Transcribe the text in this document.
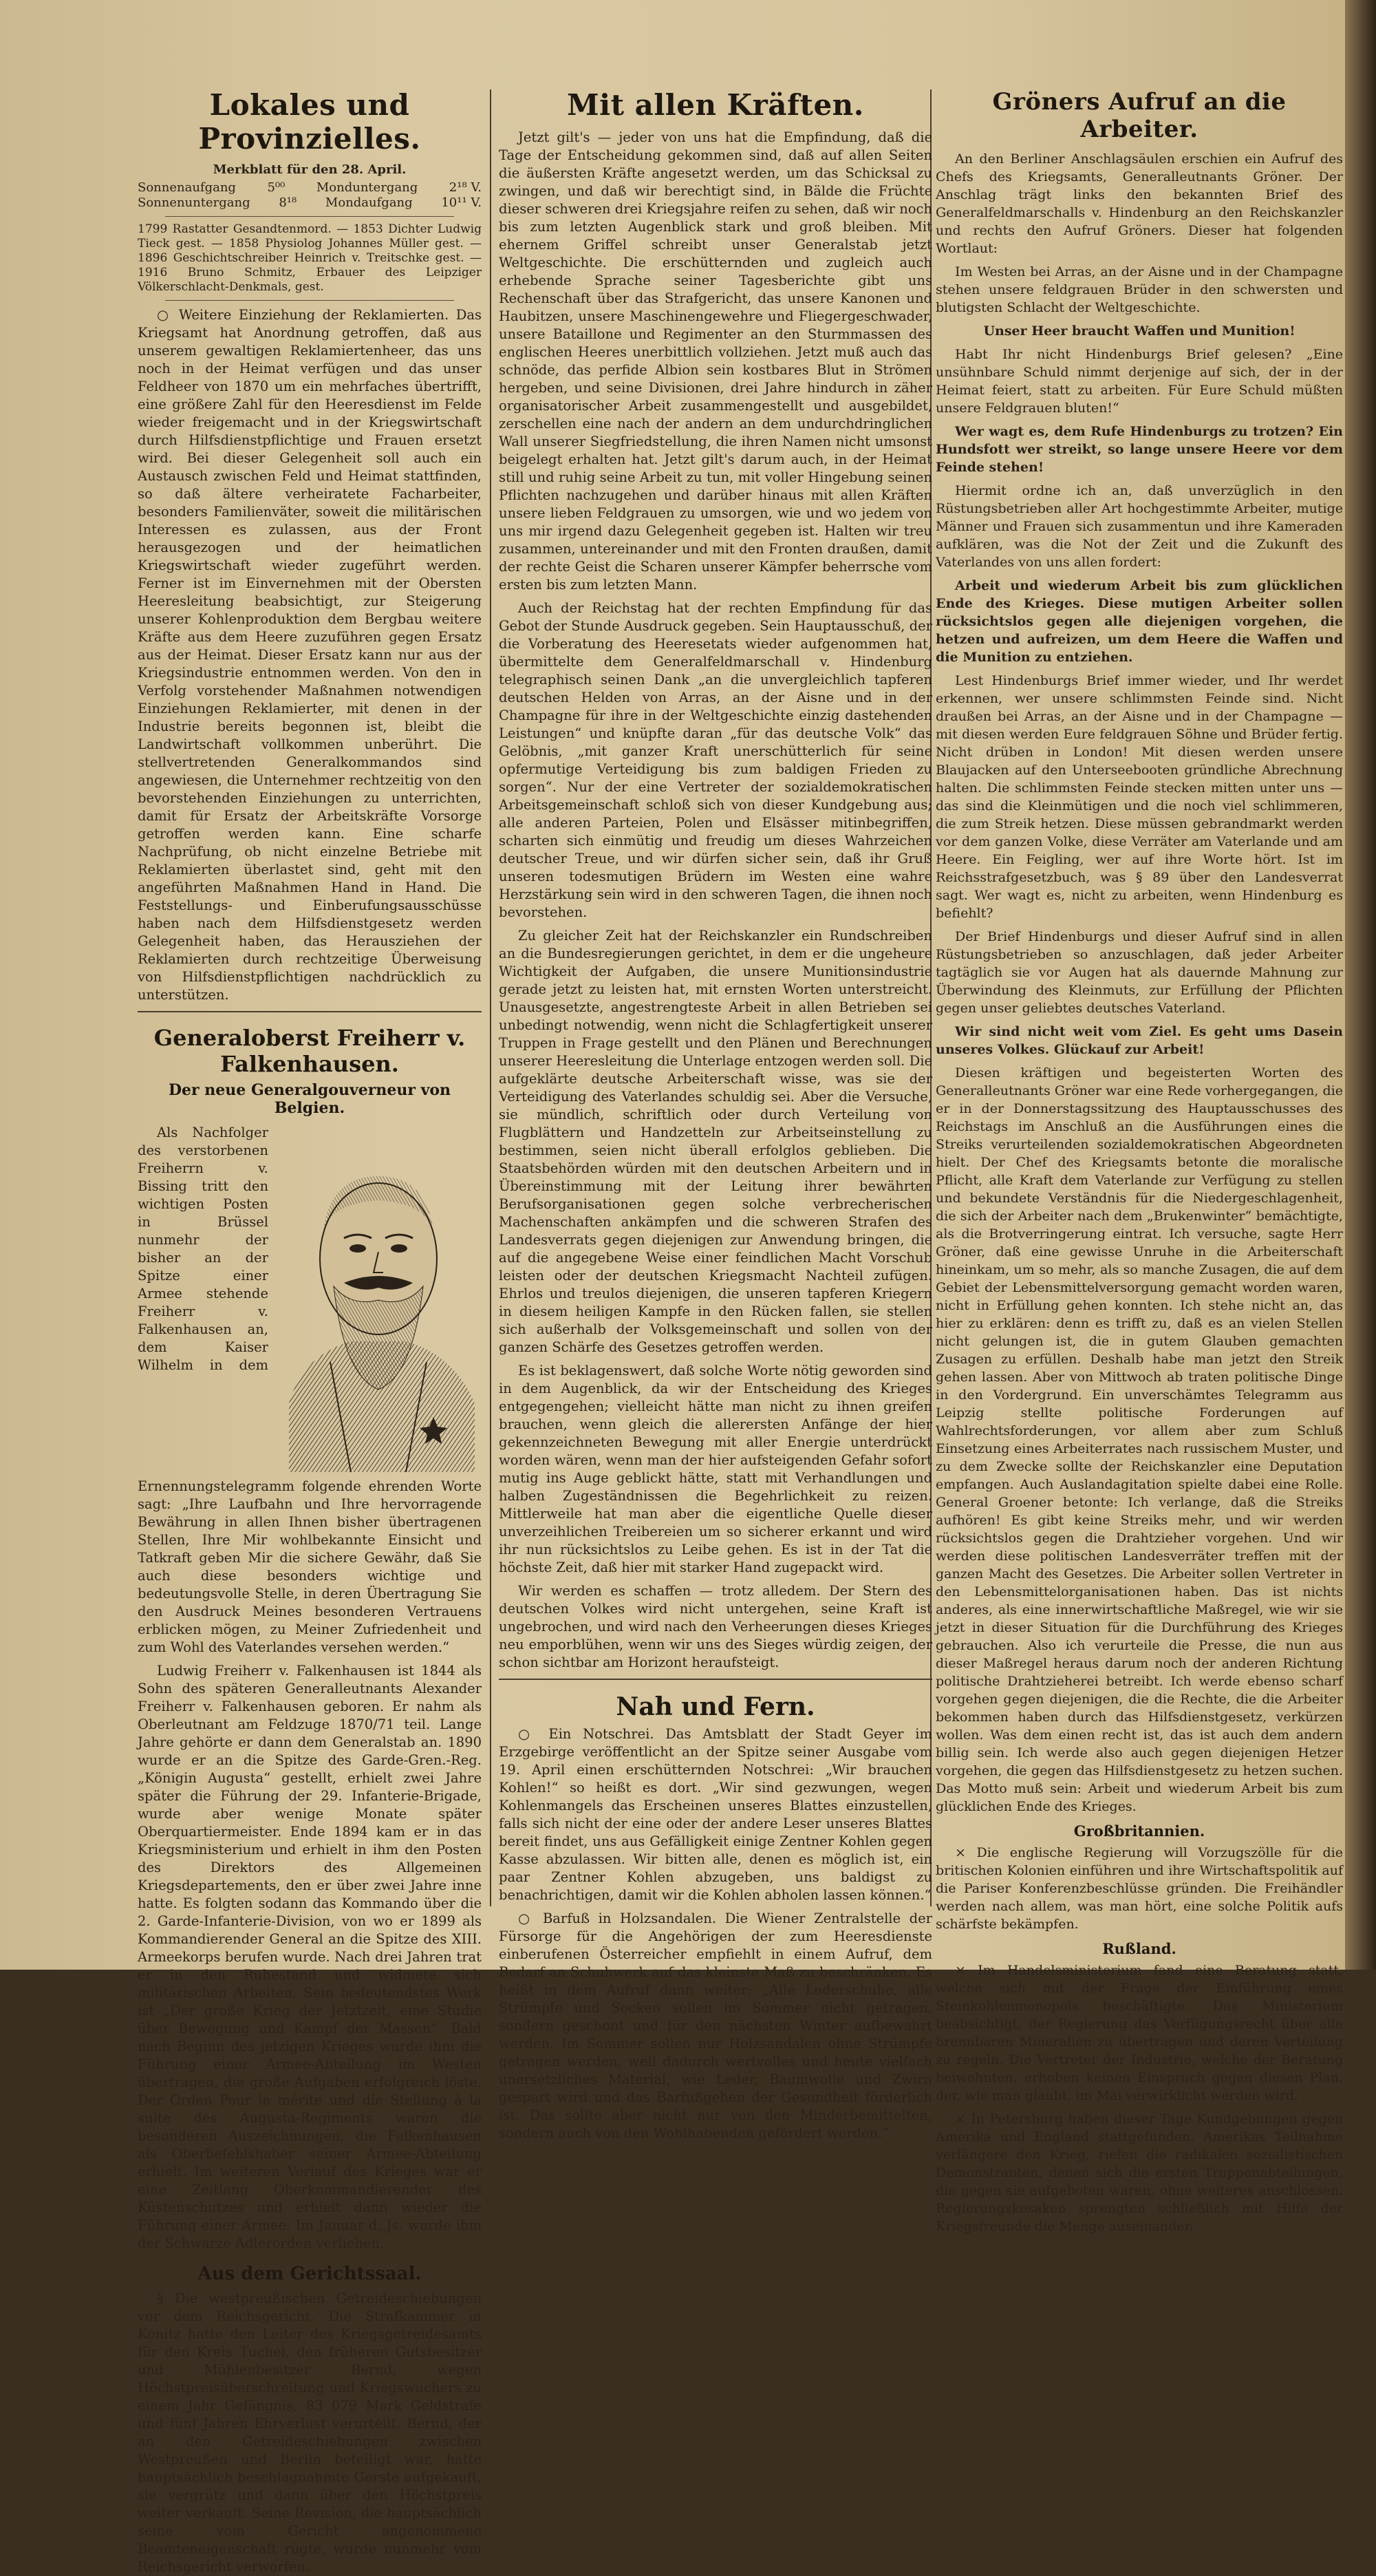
Lokales und Provinzielles.
Merkblatt für den 28. April.
Sonnenaufgang	5⁰⁰	Monduntergang	2¹⁸ V.
Sonnenuntergang 8¹⁸ Mondaufgang 10¹¹ V.

1799 Rastatter Gesandtenmord. — 1853 Dichter Ludwig Tieck gest. — 1858 Physiolog Johannes Müller gest. — 1896 Geschichtschreiber Heinrich v. Treitschke gest. — 1916 Bruno Schmitz, Erbauer des Leipziger Völkerschlacht-Denkmals, gest.

○ Weitere Einziehung der Reklamierten. Das Kriegsamt hat Anordnung getroffen, daß aus unserem gewaltigen Reklamiertenheer, das uns noch in der Heimat verfügen und das unser Feldheer von 1870 um ein mehrfaches übertrifft, eine größere Zahl für den Heeresdienst im Felde wieder freigemacht und in der Kriegswirtschaft durch Hilfsdienstpflichtige und Frauen ersetzt wird. Bei dieser Gelegenheit soll auch ein Austausch zwischen Feld und Heimat stattfinden, so daß ältere verheiratete Facharbeiter, besonders Familienväter, soweit die militärischen Interessen es zulassen, aus der Front herausgezogen und der heimatlichen Kriegswirtschaft wieder zugeführt werden. Ferner ist im Einvernehmen mit der Obersten Heeresleitung beabsichtigt, zur Steigerung unserer Kohlenproduktion dem Bergbau weitere Kräfte aus dem Heere zuzuführen gegen Ersatz aus der Heimat. Dieser Ersatz kann nur aus der Kriegsindustrie entnommen werden. Von den in Verfolg vorstehender Maßnahmen notwendigen Einziehungen Reklamierter, mit denen in der Industrie bereits begonnen ist, bleibt die Landwirtschaft vollkommen unberührt. Die stellvertretenden Generalkommandos sind angewiesen, die Unternehmer rechtzeitig von den bevorstehenden Einziehungen zu unterrichten, damit für Ersatz der Arbeitskräfte Vorsorge getroffen werden kann. Eine scharfe Nachprüfung, ob nicht einzelne Betriebe mit Reklamierten überlastet sind, geht mit den angeführten Maßnahmen Hand in Hand. Die Feststellungs- und Einberufungsausschüsse haben nach dem Hilfsdienstgesetz werden Gelegenheit haben, das Herausziehen der Reklamierten durch rechtzeitige Überweisung von Hilfsdienstpflichtigen nachdrücklich zu unterstützen.

Generaloberst Freiherr v. Falkenhausen.
Der neue Generalgouverneur von Belgien.

Als Nachfolger des verstorbenen Freiherrn v. Bissing tritt den wichtigen Posten in Brüssel nunmehr der bisher an der Spitze einer Armee stehende Freiherr v. Falkenhausen an, dem Kaiser Wilhelm in dem Ernennungstelegramm folgende ehrenden Worte sagt: „Ihre Laufbahn und Ihre hervorragende Bewährung in allen Ihnen bisher übertragenen Stellen, Ihre Mir wohlbekannte Einsicht und Tatkraft geben Mir die sichere Gewähr, daß Sie auch diese besonders wichtige und bedeutungsvolle Stelle, in deren Übertragung Sie den Ausdruck Meines besonderen Vertrauens erblicken mögen, zu Meiner Zufriedenheit und zum Wohl des Vaterlandes versehen werden.“

Ludwig Freiherr v. Falkenhausen ist 1844 als Sohn des späteren Generalleutnants Alexander Freiherr v. Falkenhausen geboren. Er nahm als Oberleutnant am Feldzuge 1870/71 teil. Lange Jahre gehörte er dann dem Generalstab an. 1890 wurde er an die Spitze des Garde-Gren.-Reg. „Königin Augusta“ gestellt, erhielt zwei Jahre später die Führung der 29. Infanterie-Brigade, wurde aber wenige Monate später Oberquartiermeister. Ende 1894 kam er in das Kriegsministerium und erhielt in ihm den Posten des Direktors des Allgemeinen Kriegsdepartements, den er über zwei Jahre inne hatte. Es folgten sodann das Kommando über die 2. Garde-Infanterie-Division, von wo er 1899 als Kommandierender General an die Spitze des XIII. Armeekorps berufen wurde. Nach drei Jahren trat er in den Ruhestand und widmete sich militärischen Arbeiten. Sein bedeutendstes Werk ist „Der große Krieg der Jetztzeit, eine Studie über Bewegung und Kampf der Massen“. Bald nach Beginn des jetzigen Krieges wurde ihm die Führung einer Armee-Abteilung im Westen übertragen, die große Aufgaben erfolgreich löste. Der Orden Pour le mérite und die Stellung à la suite des Augusta-Regiments waren die besonderen Auszeichnungen, die Falkenhausen als Oberbefehlshaber seiner Armee-Abteilung erhielt. Im weiteren Verlauf des Krieges war er eine Zeitlang Oberkommandierender des Küstenschutzes und erhielt dann wieder die Führung einer Armee. Im Januar d. Js. wurde ihm der Schwarze Adlerorden verliehen.

Aus dem Gerichtssaal.

§ Die westpreußischen Getreideschiebungen vor dem Reichsgericht. Die Strafkammer in Konitz hatte den Leiter des Kriegsgetreidesamts für den Kreis Tuchel, den früheren Gutsbesitzer und Mühlenbesitzer Bernd, wegen Höchstpreisüberschreitung und Kriegswuchers zu einem Jahr Gefängnis, 83 079 Mark Geldstrafe und fünf Jahren Ehrverlust verurteilt. Bernd, der an den Getreideschiebungen zwischen Westpreußen und Berlin beteiligt war, hatte hauptsächlich beschlagnahmte Gerste aufgekauft, sie vergrütz und dann über den Höchstpreis weiter verkauft. Seine Revision, die hauptsächlich seine vom Gericht angenommene Beamteneigenschaft rügte, wurde nunmehr vom Reichsgericht verworfen.

Mit allen Kräften.

Jetzt gilt's — jeder von uns hat die Empfindung, daß die Tage der Entscheidung gekommen sind, daß auf allen Seiten die äußersten Kräfte angesetzt werden, um das Schicksal zu zwingen, und daß wir berechtigt sind, in Bälde die Früchte dieser schweren drei Kriegsjahre reifen zu sehen, daß wir noch bis zum letzten Augenblick stark und groß bleiben. Mit ehernem Griffel schreibt unser Generalstab jetzt Weltgeschichte. Die erschütternden und zugleich auch erhebende Sprache seiner Tagesberichte gibt uns Rechenschaft über das Strafgericht, das unsere Kanonen und Haubitzen, unsere Maschinengewehre und Fliegergeschwader, unsere Bataillone und Regimenter an den Sturmmassen des englischen Heeres unerbittlich vollziehen. Jetzt muß auch das schnöde, das perfide Albion sein kostbares Blut in Strömen hergeben, und seine Divisionen, drei Jahre hindurch in zäher organisatorischer Arbeit zusammengestellt und ausgebildet, zerschellen eine nach der andern an dem undurchdringlichen Wall unserer Siegfriedstellung, die ihren Namen nicht umsonst beigelegt erhalten hat. Jetzt gilt's darum auch, in der Heimat still und ruhig seine Arbeit zu tun, mit voller Hingebung seinen Pflichten nachzugehen und darüber hinaus mit allen Kräften unsere lieben Feldgrauen zu umsorgen, wie und wo jedem von uns mir irgend dazu Gelegenheit gegeben ist. Halten wir treu zusammen, untereinander und mit den Fronten draußen, damit der rechte Geist die Scharen unserer Kämpfer beherrsche vom ersten bis zum letzten Mann.

Auch der Reichstag hat der rechten Empfindung für das Gebot der Stunde Ausdruck gegeben. Sein Hauptausschuß, der die Vorberatung des Heeresetats wieder aufgenommen hat, übermittelte dem Generalfeldmarschall v. Hindenburg telegraphisch seinen Dank „an die unvergleichlich tapferen deutschen Helden von Arras, an der Aisne und in der Champagne für ihre in der Weltgeschichte einzig dastehenden Leistungen“ und knüpfte daran „für das deutsche Volk“ das Gelöbnis, „mit ganzer Kraft unerschütterlich für seine opfermutige Verteidigung bis zum baldigen Frieden zu sorgen“. Nur der eine Vertreter der sozialdemokratischen Arbeitsgemeinschaft schloß sich von dieser Kundgebung aus; alle anderen Parteien, Polen und Elsässer mitinbegriffen, scharten sich einmütig und freudig um dieses Wahrzeichen deutscher Treue, und wir dürfen sicher sein, daß ihr Gruß unseren todesmutigen Brüdern im Westen eine wahre Herzstärkung sein wird in den schweren Tagen, die ihnen noch bevorstehen.

Zu gleicher Zeit hat der Reichskanzler ein Rundschreiben an die Bundesregierungen gerichtet, in dem er die ungeheure Wichtigkeit der Aufgaben, die unsere Munitionsindustrie gerade jetzt zu leisten hat, mit ernsten Worten unterstreicht. Unausgesetzte, angestrengteste Arbeit in allen Betrieben sei unbedingt notwendig, wenn nicht die Schlagfertigkeit unserer Truppen in Frage gestellt und den Plänen und Berechnungen unserer Heeresleitung die Unterlage entzogen werden soll. Die aufgeklärte deutsche Arbeiterschaft wisse, was sie der Verteidigung des Vaterlandes schuldig sei. Aber die Versuche, sie mündlich, schriftlich oder durch Verteilung von Flugblättern und Handzetteln zur Arbeitseinstellung zu bestimmen, seien nicht überall erfolglos geblieben. Die Staatsbehörden würden mit den deutschen Arbeitern und in Übereinstimmung mit der Leitung ihrer bewährten Berufsorganisationen gegen solche verbrecherischen Machenschaften ankämpfen und die schweren Strafen des Landesverrats gegen diejenigen zur Anwendung bringen, die auf die angegebene Weise einer feindlichen Macht Vorschub leisten oder der deutschen Kriegsmacht Nachteil zufügen. Ehrlos und treulos diejenigen, die unseren tapferen Kriegern in diesem heiligen Kampfe in den Rücken fallen, sie stellen sich außerhalb der Volksgemeinschaft und sollen von der ganzen Schärfe des Gesetzes getroffen werden.

Es ist beklagenswert, daß solche Worte nötig geworden sind in dem Augenblick, da wir der Entscheidung des Krieges entgegengehen; vielleicht hätte man nicht zu ihnen greifen brauchen, wenn gleich die allerersten Anfänge der hier gekennzeichneten Bewegung mit aller Energie unterdrückt worden wären, wenn man der hier aufsteigenden Gefahr sofort mutig ins Auge geblickt hätte, statt mit Verhandlungen und halben Zugeständnissen die Begehrlichkeit zu reizen. Mittlerweile hat man aber die eigentliche Quelle dieser unverzeihlichen Treibereien um so sicherer erkannt und wird ihr nun rücksichtslos zu Leibe gehen. Es ist in der Tat die höchste Zeit, daß hier mit starker Hand zugepackt wird.

Wir werden es schaffen — trotz alledem. Der Stern des deutschen Volkes wird nicht untergehen, seine Kraft ist ungebrochen, und wird nach den Verheerungen dieses Krieges neu emporblühen, wenn wir uns des Sieges würdig zeigen, der schon sichtbar am Horizont heraufsteigt.

Nah und Fern.

○ Ein Notschrei. Das Amtsblatt der Stadt Geyer im Erzgebirge veröffentlicht an der Spitze seiner Ausgabe vom 19. April einen erschütternden Notschrei: „Wir brauchen Kohlen!“ so heißt es dort. „Wir sind gezwungen, wegen Kohlenmangels das Erscheinen unseres Blattes einzustellen, falls sich nicht der eine oder der andere Leser unseres Blattes bereit findet, uns aus Gefälligkeit einige Zentner Kohlen gegen Kasse abzulassen. Wir bitten alle, denen es möglich ist, ein paar Zentner Kohlen abzugeben, uns baldigst zu benachrichtigen, damit wir die Kohlen abholen lassen können.“

○ Barfuß in Holzsandalen. Die Wiener Zentralstelle der Fürsorge für die Angehörigen der zum Heeresdienste einberufenen Österreicher empfiehlt in einem Aufruf, dem Bedarf an Schuhwerk auf das kleinste Maß zu beschränken. Es heißt in dem Aufruf dann weiter: „Alle Lederschuhe, alle Strümpfe und Socken sollen im Sommer nicht getragen, sondern geschont und für den nächsten Winter aufbewahrt werden. Im Sommer sollen nur Holzsandalen ohne Strümpfe getragen werden, weil dadurch wertvolles und heute vielfach unersetzliches Material, wie Leder, Baumwolle und Zwirn gespart wird und das Barfußgehen der Gesundheit förderlich ist. Das sollte aber nicht nur von den Minderbemittelten, sondern auch von den Wohlhabenden gefördert werden.“

Gröners Aufruf an die Arbeiter.

An den Berliner Anschlagsäulen erschien ein Aufruf des Chefs des Kriegsamts, Generalleutnants Gröner. Der Anschlag trägt links den bekannten Brief des Generalfeldmarschalls v. Hindenburg an den Reichskanzler und rechts den Aufruf Gröners. Dieser hat folgenden Wortlaut:

Im Westen bei Arras, an der Aisne und in der Champagne stehen unsere feldgrauen Brüder in den schwersten und blutigsten Schlacht der Weltgeschichte.

Unser Heer braucht Waffen und Munition!

Habt Ihr nicht Hindenburgs Brief gelesen? „Eine unsühnbare Schuld nimmt derjenige auf sich, der in der Heimat feiert, statt zu arbeiten. Für Eure Schuld müßten unsere Feldgrauen bluten!“

Wer wagt es, dem Rufe Hindenburgs zu trotzen? Ein Hundsfott wer streikt, so lange unsere Heere vor dem Feinde stehen!

Hiermit ordne ich an, daß unverzüglich in den Rüstungsbetrieben aller Art hochgestimmte Arbeiter, mutige Männer und Frauen sich zusammentun und ihre Kameraden aufklären, was die Not der Zeit und die Zukunft des Vaterlandes von uns allen fordert:

Arbeit und wiederum Arbeit bis zum glücklichen Ende des Krieges. Diese mutigen Arbeiter sollen rücksichtslos gegen alle diejenigen vorgehen, die hetzen und aufreizen, um dem Heere die Waffen und die Munition zu entziehen.

Lest Hindenburgs Brief immer wieder, und Ihr werdet erkennen, wer unsere schlimmsten Feinde sind. Nicht draußen bei Arras, an der Aisne und in der Champagne — mit diesen werden Eure feldgrauen Söhne und Brüder fertig. Nicht drüben in London! Mit diesen werden unsere Blaujacken auf den Unterseebooten gründliche Abrechnung halten. Die schlimmsten Feinde stecken mitten unter uns — das sind die Kleinmütigen und die noch viel schlimmeren, die zum Streik hetzen. Diese müssen gebrandmarkt werden vor dem ganzen Volke, diese Verräter am Vaterlande und am Heere. Ein Feigling, wer auf ihre Worte hört. Ist im Reichsstrafgesetzbuch, was § 89 über den Landesverrat sagt. Wer wagt es, nicht zu arbeiten, wenn Hindenburg es befiehlt?

Der Brief Hindenburgs und dieser Aufruf sind in allen Rüstungsbetrieben so anzuschlagen, daß jeder Arbeiter tagtäglich sie vor Augen hat als dauernde Mahnung zur Überwindung des Kleinmuts, zur Erfüllung der Pflichten gegen unser geliebtes deutsches Vaterland.

Wir sind nicht weit vom Ziel. Es geht ums Dasein unseres Volkes. Glückauf zur Arbeit!

Diesen kräftigen und begeisterten Worten des Generalleutnants Gröner war eine Rede vorhergegangen, die er in der Donnerstagssitzung des Hauptausschusses des Reichstags im Anschluß an die Ausführungen eines die Streiks verurteilenden sozialdemokratischen Abgeordneten hielt. Der Chef des Kriegsamts betonte die moralische Pflicht, alle Kraft dem Vaterlande zur Verfügung zu stellen und bekundete Verständnis für die Niedergeschlagenheit, die sich der Arbeiter nach dem „Brukenwinter“ bemächtigte, als die Brotverringerung eintrat. Ich versuche, sagte Herr Gröner, daß eine gewisse Unruhe in die Arbeiterschaft hineinkam, um so mehr, als so manche Zusagen, die auf dem Gebiet der Lebensmittelversorgung gemacht worden waren, nicht in Erfüllung gehen konnten. Ich stehe nicht an, das hier zu erklären: denn es trifft zu, daß es an vielen Stellen nicht gelungen ist, die in gutem Glauben gemachten Zusagen zu erfüllen. Deshalb habe man jetzt den Streik gehen lassen. Aber von Mittwoch ab traten politische Dinge in den Vordergrund. Ein unverschämtes Telegramm aus Leipzig stellte politische Forderungen auf Wahlrechtsforderungen, vor allem aber zum Schluß Einsetzung eines Arbeiterrates nach russischem Muster, und zu dem Zwecke sollte der Reichskanzler eine Deputation empfangen. Auch Auslandagitation spielte dabei eine Rolle. General Groener betonte: Ich verlange, daß die Streiks aufhören! Es gibt keine Streiks mehr, und wir werden rücksichtslos gegen die Drahtzieher vorgehen. Und wir werden diese politischen Landesverräter treffen mit der ganzen Macht des Gesetzes. Die Arbeiter sollen Vertreter in den Lebensmittelorganisationen haben. Das ist nichts anderes, als eine innerwirtschaftliche Maßregel, wie wir sie jetzt in dieser Situation für die Durchführung des Krieges gebrauchen. Also ich verurteile die Presse, die nun aus dieser Maßregel heraus darum noch der anderen Richtung politische Drahtzieherei betreibt. Ich werde ebenso scharf vorgehen gegen diejenigen, die die Rechte, die die Arbeiter bekommen haben durch das Hilfsdienstgesetz, verkürzen wollen. Was dem einen recht ist, das ist auch dem andern billig sein. Ich werde also auch gegen diejenigen Hetzer vorgehen, die gegen das Hilfsdienstgesetz zu hetzen suchen. Das Motto muß sein: Arbeit und wiederum Arbeit bis zum glücklichen Ende des Krieges.

Großbritannien.

× Die englische Regierung will Vorzugszölle für die britischen Kolonien einführen und ihre Wirtschaftspolitik auf die Pariser Konferenzbeschlüsse gründen. Die Freihändler werden nach allem, was man hört, eine solche Politik aufs schärfste bekämpfen.

Rußland.

× Im Handelsministerium fand eine Beratung statt, welche sich mit der Frage der Einführung eines Steinkohlenmonopols beschäftigte. Das Ministerium beabsichtigt, der Regierung das Verfügungsrecht über alle brennbaren Mineralien zu übertragen und deren Verteilung zu regeln. Die Vertreter der Industrie, welche der Beratung beiwohnten, erhoben keinen Einspruch gegen diesen Plan, der, wie man glaubt, im Mai verwirklicht werden wird.

× In Petersburg haben dieser Tage Kundgebungen gegen Amerika und England stattgefunden. Amerikas Teilnahme verlängere den Krieg, riefen die radikalen sozialistischen Demonstranten, denen sich die ersten Truppenabteilungen, die gegen sie aufgeboten waren, ohne weiteres anschlossen. Regierungskosaken sprengten schließlich mit Hilfe der Kriegsfreunde die Menge auseinander.
